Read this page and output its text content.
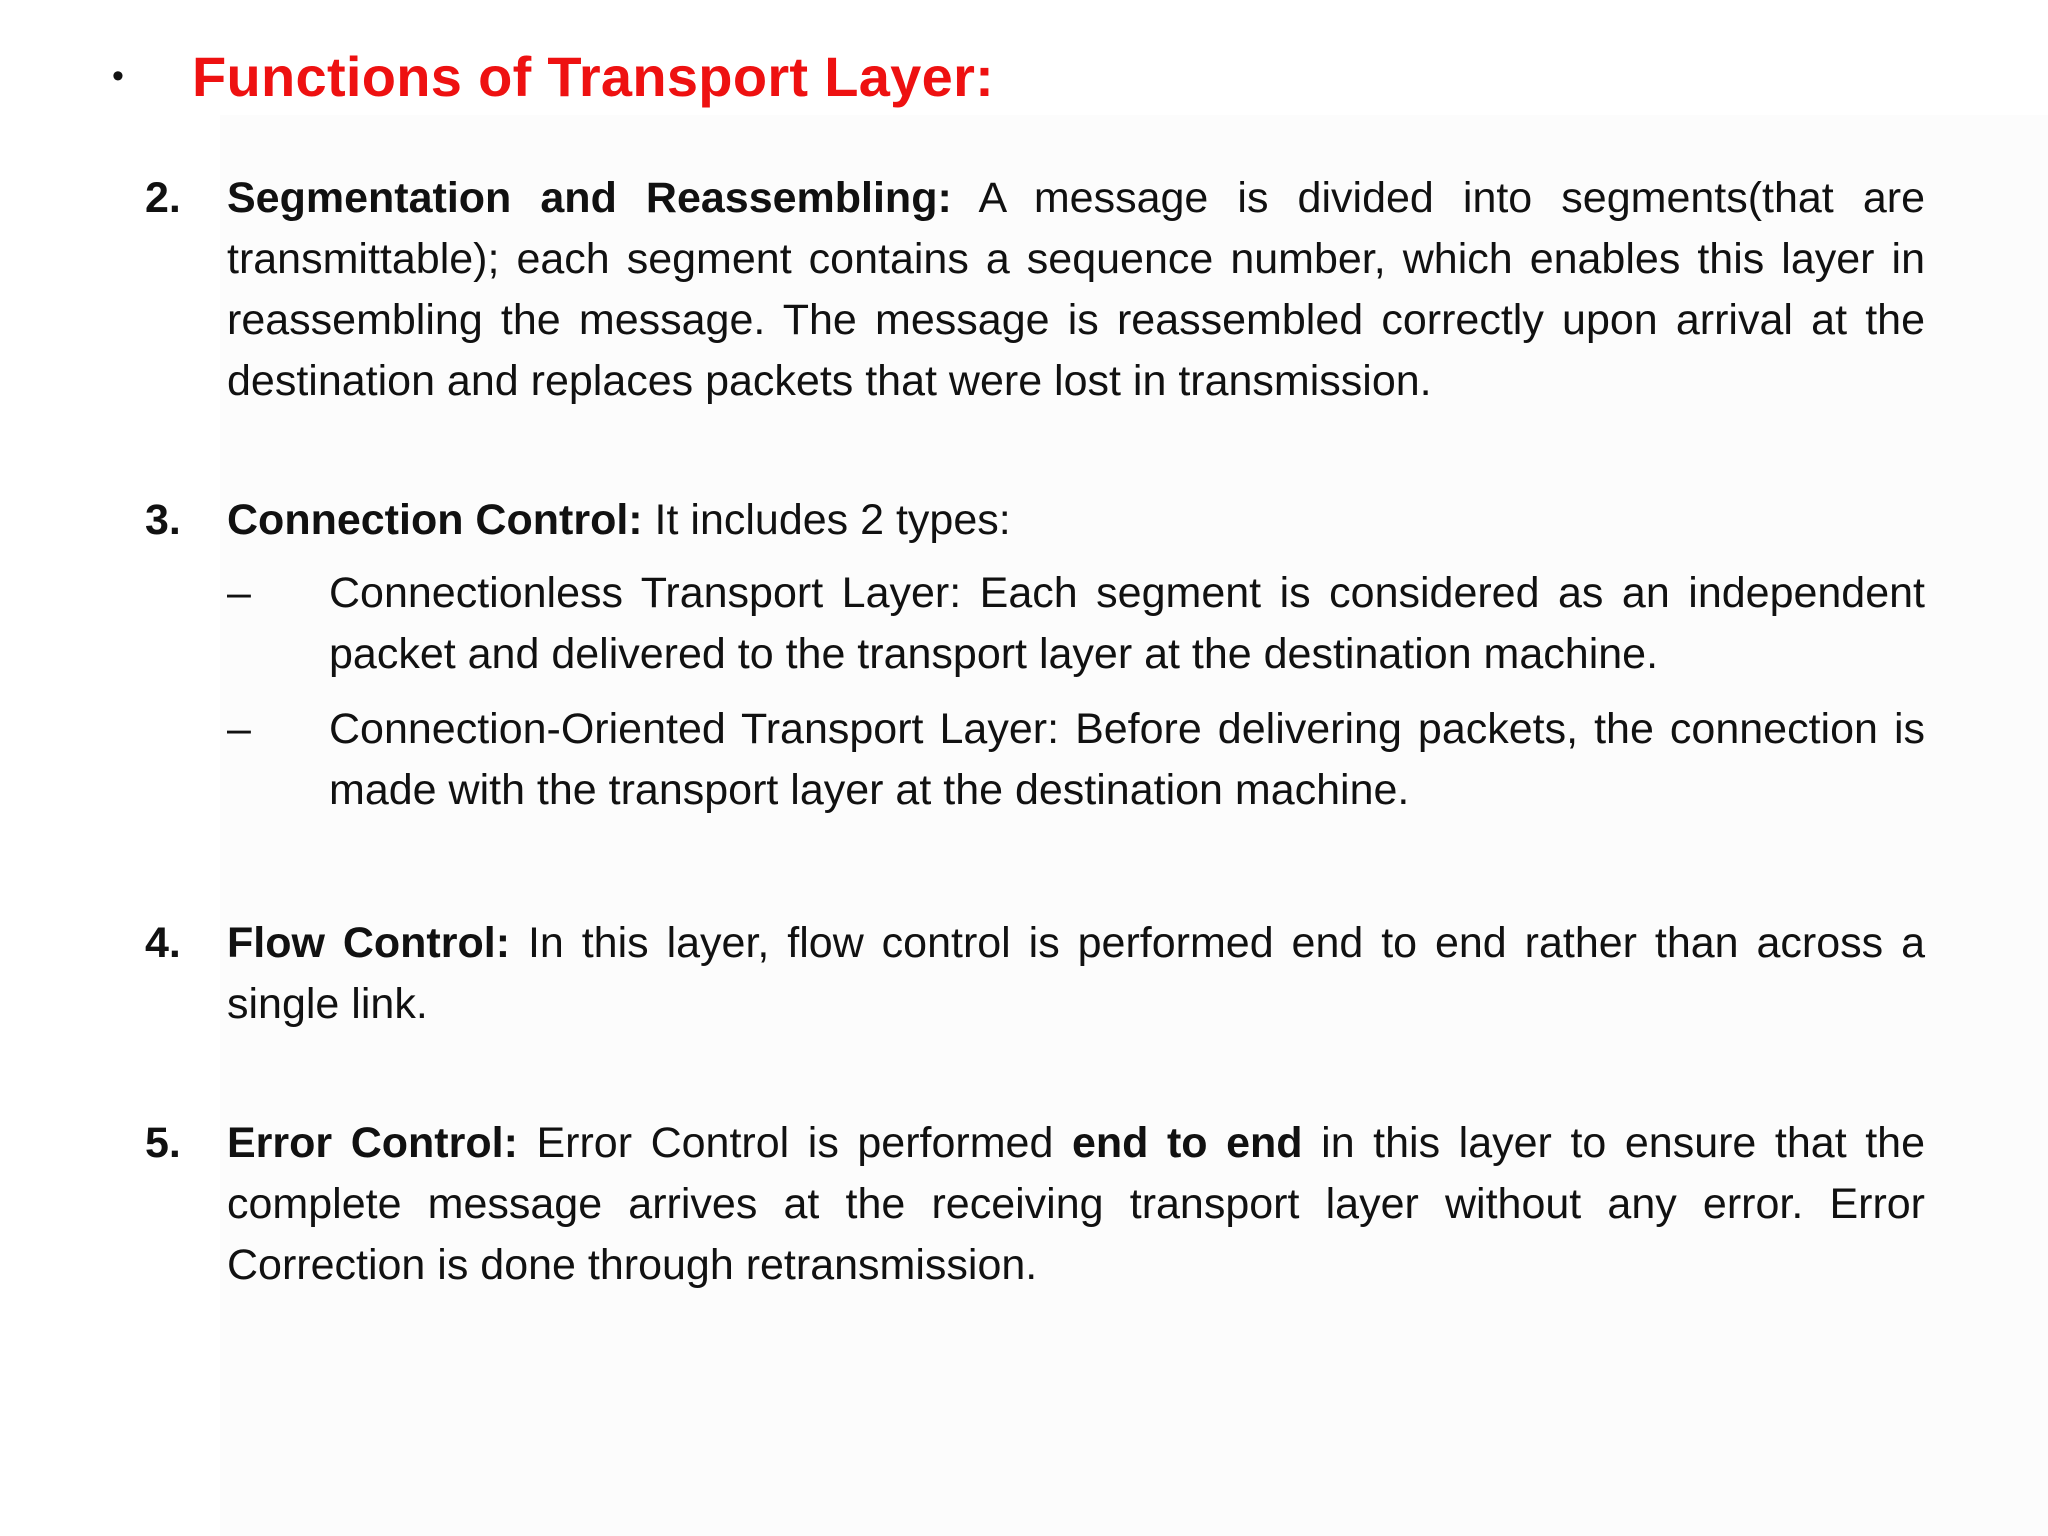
•	Functions of Transport Layer:
2.	Segmentation and Reassembling: A message is divided into segments(that are transmittable); each segment contains a sequence number, which enables this layer in reassembling the message. The message is reassembled correctly upon arrival at the destination and replaces packets that were lost in transmission.
3.	Connection Control: It includes 2 types:
–	Connectionless Transport Layer: Each segment is considered as an independent packet and delivered to the transport layer at the destination machine.
–	Connection-Oriented Transport Layer: Before delivering packets, the connection is made with the transport layer at the destination machine.
4.	Flow Control: In this layer, flow control is performed end to end rather than across a single link.
5.	Error Control: Error Control is performed end to end in this layer to ensure that the complete message arrives at the receiving transport layer without any error. Error Correction is done through retransmission.
